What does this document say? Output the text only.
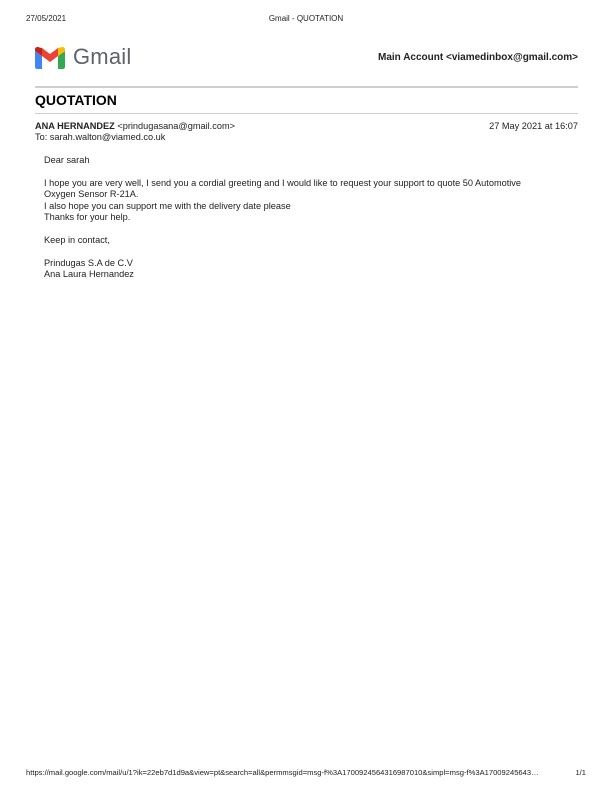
27/05/2021	Gmail - QUOTATION
Gmail	Main Account <viamedinbox@gmail.com>
QUOTATION
ANA HERNANDEZ <prindugasana@gmail.com>	27 May 2021 at 16:07
To: sarah.walton@viamed.co.uk
Dear sarah
I hope you are very well, I send you a cordial greeting and I would like to request your support to quote 50 Automotive
Oxygen Sensor R-21A.
I also hope you can support me with the delivery date please
Thanks for your help.
Keep in contact,
Prindugas S.A de C.V
Ana Laura Hernandez
https://mail.google.com/mail/u/1?ik=22eb7d1d9a&view=pt&search=all&permmsgid=msg-f%3A1700924564316987010&simpl=msg-f%3A17009245643…	1/1
